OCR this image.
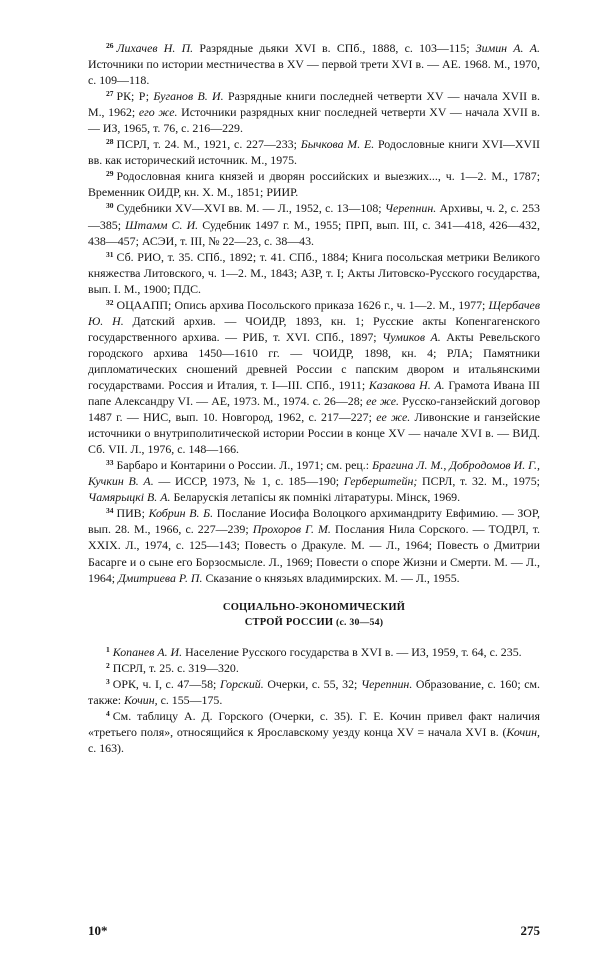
$^{26}$ Лихачев Н. П. Разрядные дьяки XVI в. СПб., 1888, с. 103—115; Зимин А. А. Источники по истории местничества в XV — первой трети XVI в. — АЕ. 1968. М., 1970, с. 109—118.

$^{27}$ РК; Р; Буганов В. И. Разрядные книги последней четверти XV — начала XVII в. М., 1962; его же. Источники разрядных книг последней четверти XV — начала XVII в. — ИЗ, 1965, т. 76, с. 216—229.

$^{28}$ ПСРЛ, т. 24. М., 1921, с. 227—233; Бычкова М. Е. Родословные книги XVI—XVII вв. как исторический источник. М., 1975.

$^{29}$ Родословная книга князей и дворян российских и выезжих..., ч. 1—2. М., 1787; Временник ОИДР, кн. X. М., 1851; РИИР.

$^{30}$ Судебники XV—XVI вв. М. — Л., 1952, с. 13—108; Черепнин. Архивы, ч. 2, с. 253—385; Штамм С. И. Судебник 1497 г. М., 1955; ПРП, вып. III, с. 341—418, 426—432, 438—457; АСЭИ, т. III, № 22—23, с. 38—43.

$^{31}$ Сб. РИО, т. 35. СПб., 1892; т. 41. СПб., 1884; Книга посольская метрики Великого княжества Литовского, ч. 1—2. М., 1843; АЗР, т. I; Акты Литовско-Русского государства, вып. I. М., 1900; ПДС.

$^{32}$ ОЦААПП; Опись архива Посольского приказа 1626 г., ч. 1—2. М., 1977; Щербачев Ю. Н. Датский архив. — ЧОИДР, 1893, кн. 1; Русские акты Копенгагенского государственного архива. — РИБ, т. XVI. СПб., 1897; Чумиков А. Акты Ревельского городского архива 1450—1610 гг. — ЧОИДР, 1898, кн. 4; РЛА; Памятники дипломатических сношений древней России с папским двором и итальянскими государствами. Россия и Италия, т. I—III. СПб., 1911; Казакова Н. А. Грамота Ивана III папе Александру VI. — АЕ, 1973. М., 1974. с. 26—28; ее же. Русско-ганзейский договор 1487 г. — НИС, вып. 10. Новгород, 1962, с. 217—227; ее же. Ливонские и ганзейские источники о внутриполитической истории России в конце XV — начале XVI в. — ВИД. Сб. VII. Л., 1976, с. 148—166.

$^{33}$ Барбаро и Контарини о России. Л., 1971; см. рец.: Брагина Л. М., Добродомов И. Г., Кучкин В. А. — ИССР, 1973, № 1, с. 185—190; Герберштейн; ПСРЛ, т. 32. М., 1975; Чамярыцкi В. А. Беларускiя летапiсы як помнiкi лiтаратуры. Мiнск, 1969.

$^{34}$ ПИВ; Кобрин В. Б. Послание Иосифа Волоцкого архимандриту Евфимию. — ЗОР, вып. 28. М., 1966, с. 227—239; Прохоров Г. М. Послания Нила Сорского. — ТОДРЛ, т. XXIX. Л., 1974, с. 125—143; Повесть о Дракуле. М. — Л., 1964; Повесть о Дмитрии Басарге и о сыне его Борзосмысле. Л., 1969; Повести о споре Жизни и Смерти. М. — Л., 1964; Дмитриева Р. П. Сказание о князьях владимирских. М. — Л., 1955.

СОЦИАЛЬНО-ЭКОНОМИЧЕСКИЙ
СТРОЙ РОССИИ (с. 30—54)

$^1$ Копанев А. И. Население Русского государства в XVI в. — ИЗ, 1959, т. 64, с. 235.

$^2$ ПСРЛ, т. 25. с. 319—320.

$^3$ ОРК, ч. I, с. 47—58; Горский. Очерки, с. 55, 32; Черепнин. Образование, с. 160; см. также: Кочин, с. 155—175.

$^4$ См. таблицу А. Д. Горского (Очерки, с. 35). Г. Е. Кочин привел факт наличия «третьего поля», относящийся к Ярославскому уезду конца XV = начала XVI в. (Кочин, с. 163).

10*	275
